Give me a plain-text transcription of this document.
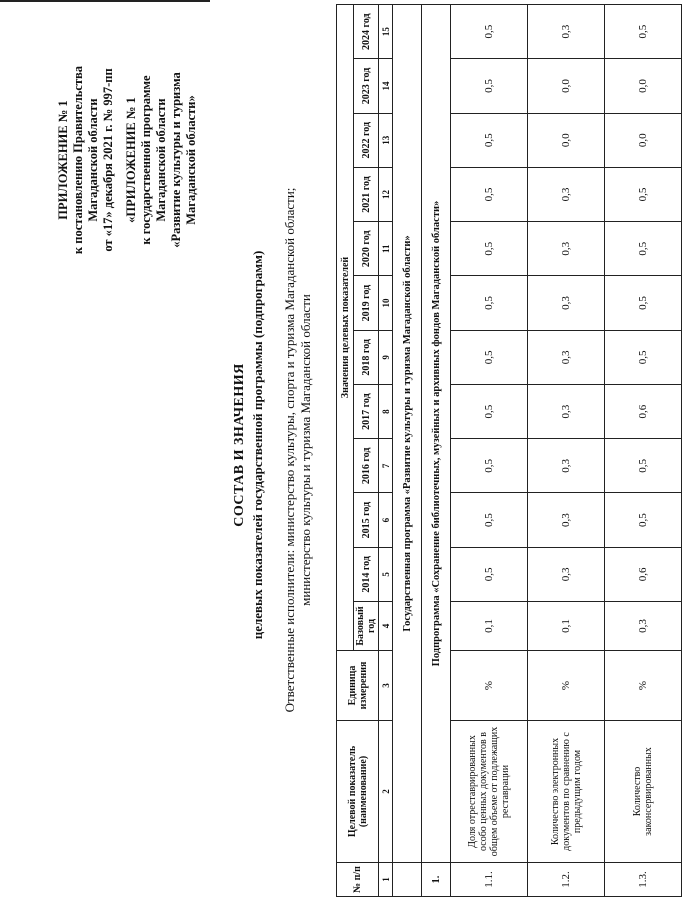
ПРИЛОЖЕНИЕ № 1 к постановлению Правительства Магаданской области от «17» декабря 2021 г. № 997-пп «ПРИЛОЖЕНИЕ № 1 к государственной программе Магаданской области «Развитие культуры и туризма Магаданской области»
СОСТАВ И ЗНАЧЕНИЯ целевых показателей государственной программы (подпрограмм) Ответственные исполнители: министерство культуры, спорта и туризма Магаданской области; министерство культуры и туризма Магаданской области
№ п/п	Целевой показатель (наименование)	Единица измерения	Значения целевых показателей											
			Базовый год	2014 год	2015 год	2016 год	2017 год	2018 год	2019 год	2020 год	2021 год	2022 год	2023 год	2024 год
1	2	3	4	5	6	7	8	9	10	11	12	13	14	15
	Государственная программа «Развитие культуры и туризма Магаданской области»													
1.	Подпрограмма «Сохранение библиотечных, музейных и архивных фондов Магаданской области»													
1.1.	Доля отреставрированных особо ценных документов в общем объеме от подлежащих реставрации	%	0,1	0,5	0,5	0,5	0,5	0,5	0,5	0,5	0,5	0,5	0,5	0,5
1.2.	Количество электронных документов по сравнению с предыдущим годом	%	0,1	0,3	0,3	0,3	0,3	0,3	0,3	0,3	0,3	0,0	0,0	0,3
1.3.	Количество законсервированных	%	0,3	0,6	0,5	0,5	0,6	0,5	0,5	0,5	0,5	0,0	0,0	0,5
